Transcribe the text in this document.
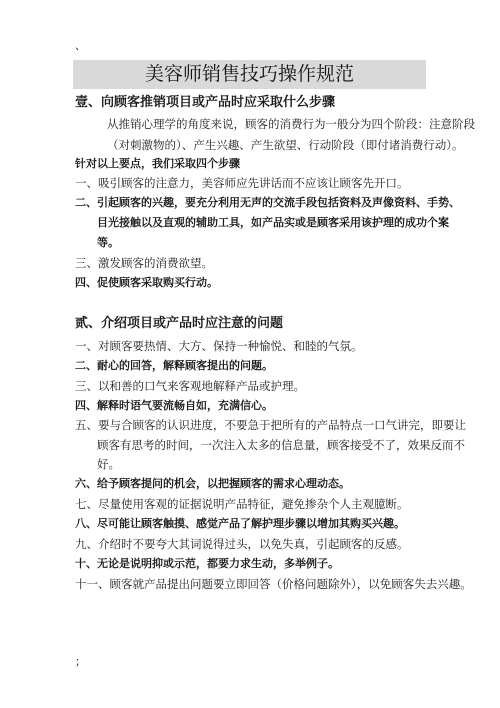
、
美容师销售技巧操作规范
壹、向顾客推销项目或产品时应采取什么步骤
从推销心理学的角度来说，顾客的消费行为一般分为四个阶段：注意阶段
（对刺激物的）、产生兴趣、产生欲望、行动阶段（即付诸消费行动）。
针对以上要点，我们采取四个步骤
一、吸引顾客的注意力，美容师应先讲话而不应该让顾客先开口。
二、引起顾客的兴趣，要充分利用无声的交流手段包括资料及声像资料、手势、
目光接触以及直观的辅助工具，如产品实或是顾客采用该护理的成功个案
等。
三、激发顾客的消费欲望。
四、促使顾客采取购买行动。
贰、介绍项目或产品时应注意的问题
一、对顾客要热情、大方、保持一种愉悦、和睦的气氛。
二、耐心的回答，解释顾客提出的问题。
三、以和善的口气来客观地解释产品或护理。
四、解释时语气要流畅自如，充满信心。
五、要与合顾客的认识进度，不要急于把所有的产品特点一口气讲完，即要让
顾客有思考的时间，一次注入太多的信息量，顾客接受不了，效果反而不
好。
六、给予顾客提问的机会，以把握顾客的需求心理动态。
七、尽量使用客观的证据说明产品特征，避免掺杂个人主观臆断。
八、尽可能让顾客触摸、感觉产品了解护理步骤以增加其购买兴趣。
九、介绍时不要夸大其词说得过头，以免失真，引起顾客的反感。
十、无论是说明抑或示范，都要力求生动，多举例子。
十一、顾客就产品提出问题要立即回答（价格问题除外），以免顾客失去兴趣。
；
